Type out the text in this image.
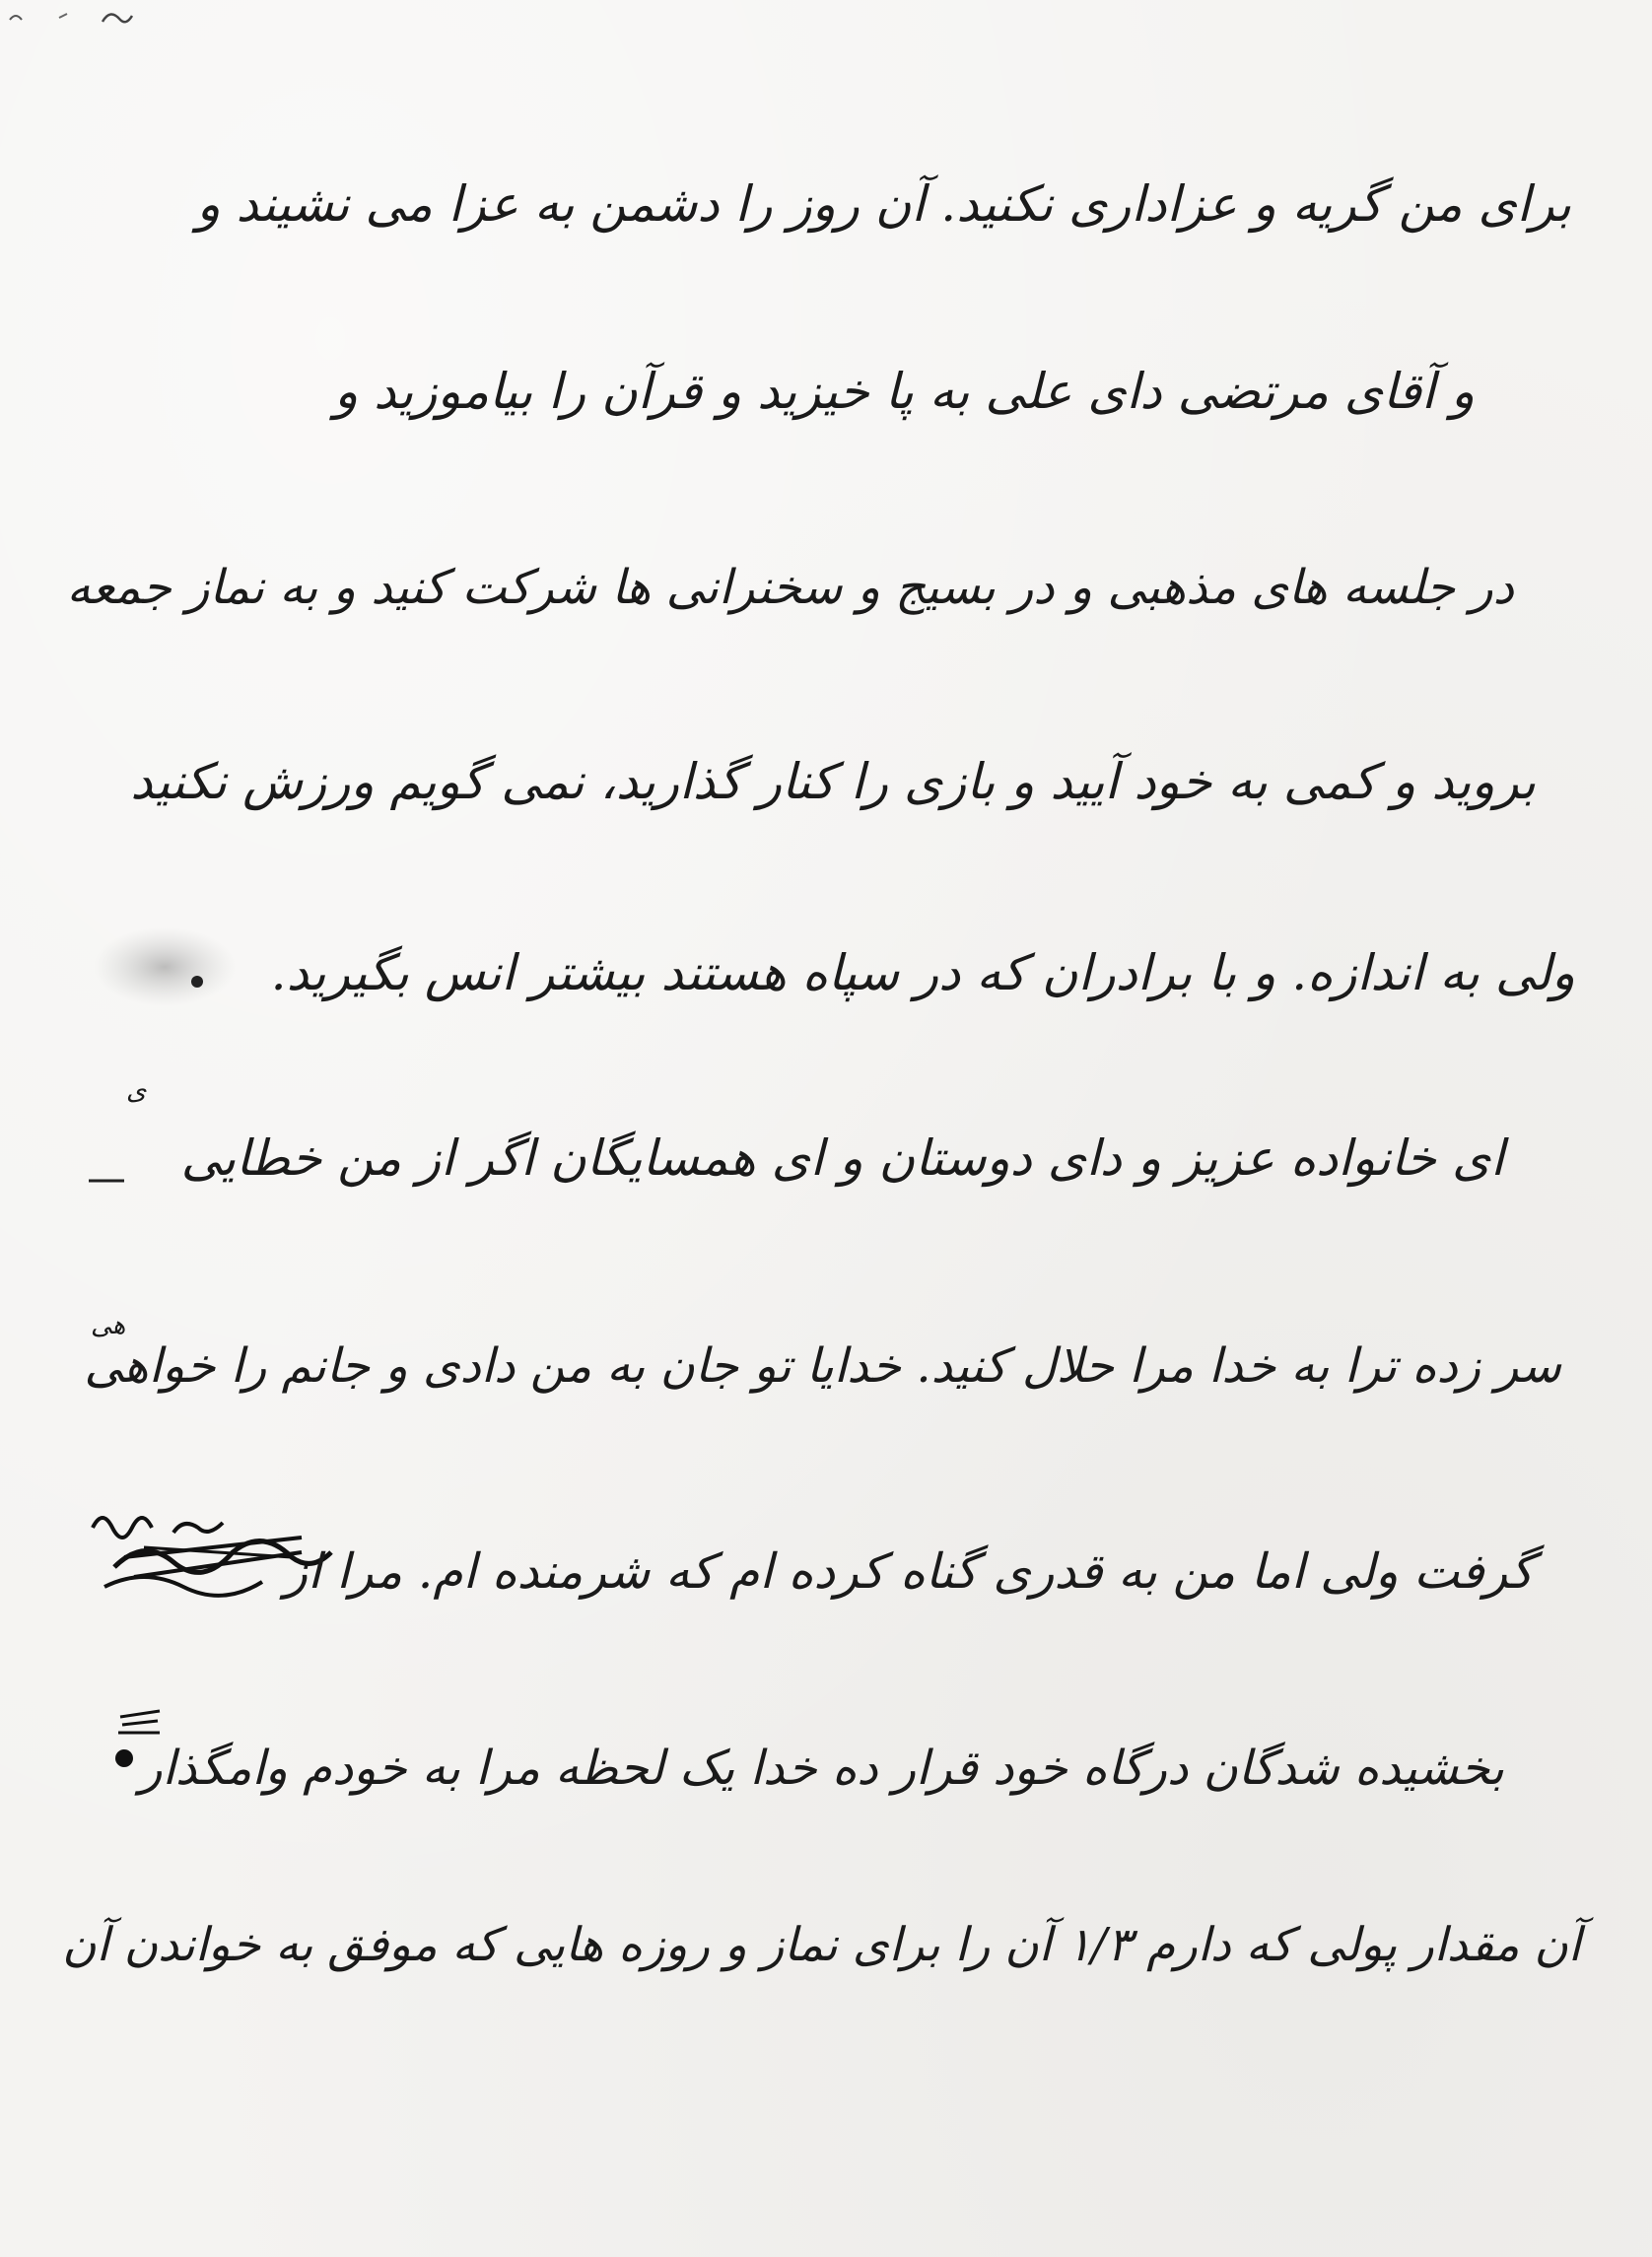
برای من گریه و عزاداری نکنید. آن روز را دشمن به عزا می نشیند و
و آقای مرتضی دای علی به پا خیزید و قرآن را بیاموزید و
در جلسه های مذهبی و در بسیج و سخنرانی ها شرکت کنید و به نماز جمعه
بروید و کمی به خود آیید و بازی را کنار گذارید، نمی گویم ورزش نکنید
ولی به اندازه. و با برادران که در سپاه هستند بیشتر انس بگیرید.
ی
ای خانواده عزیز و دای دوستان و ای همسایگان اگر از من خطایی
هی
سر زده ترا به خدا مرا حلال کنید. خدایا تو جان به من دادی و جانم را خواهی
گرفت ولی اما من به قدری گناه کرده ام که شرمنده ام. مرا از
بخشیده شدگان درگاه خود قرار ده خدا یک لحظه مرا به خودم وامگذار
آن مقدار پولی که دارم ۱/۳ آن را برای نماز و روزه هایی که موفق به خواندن آن
